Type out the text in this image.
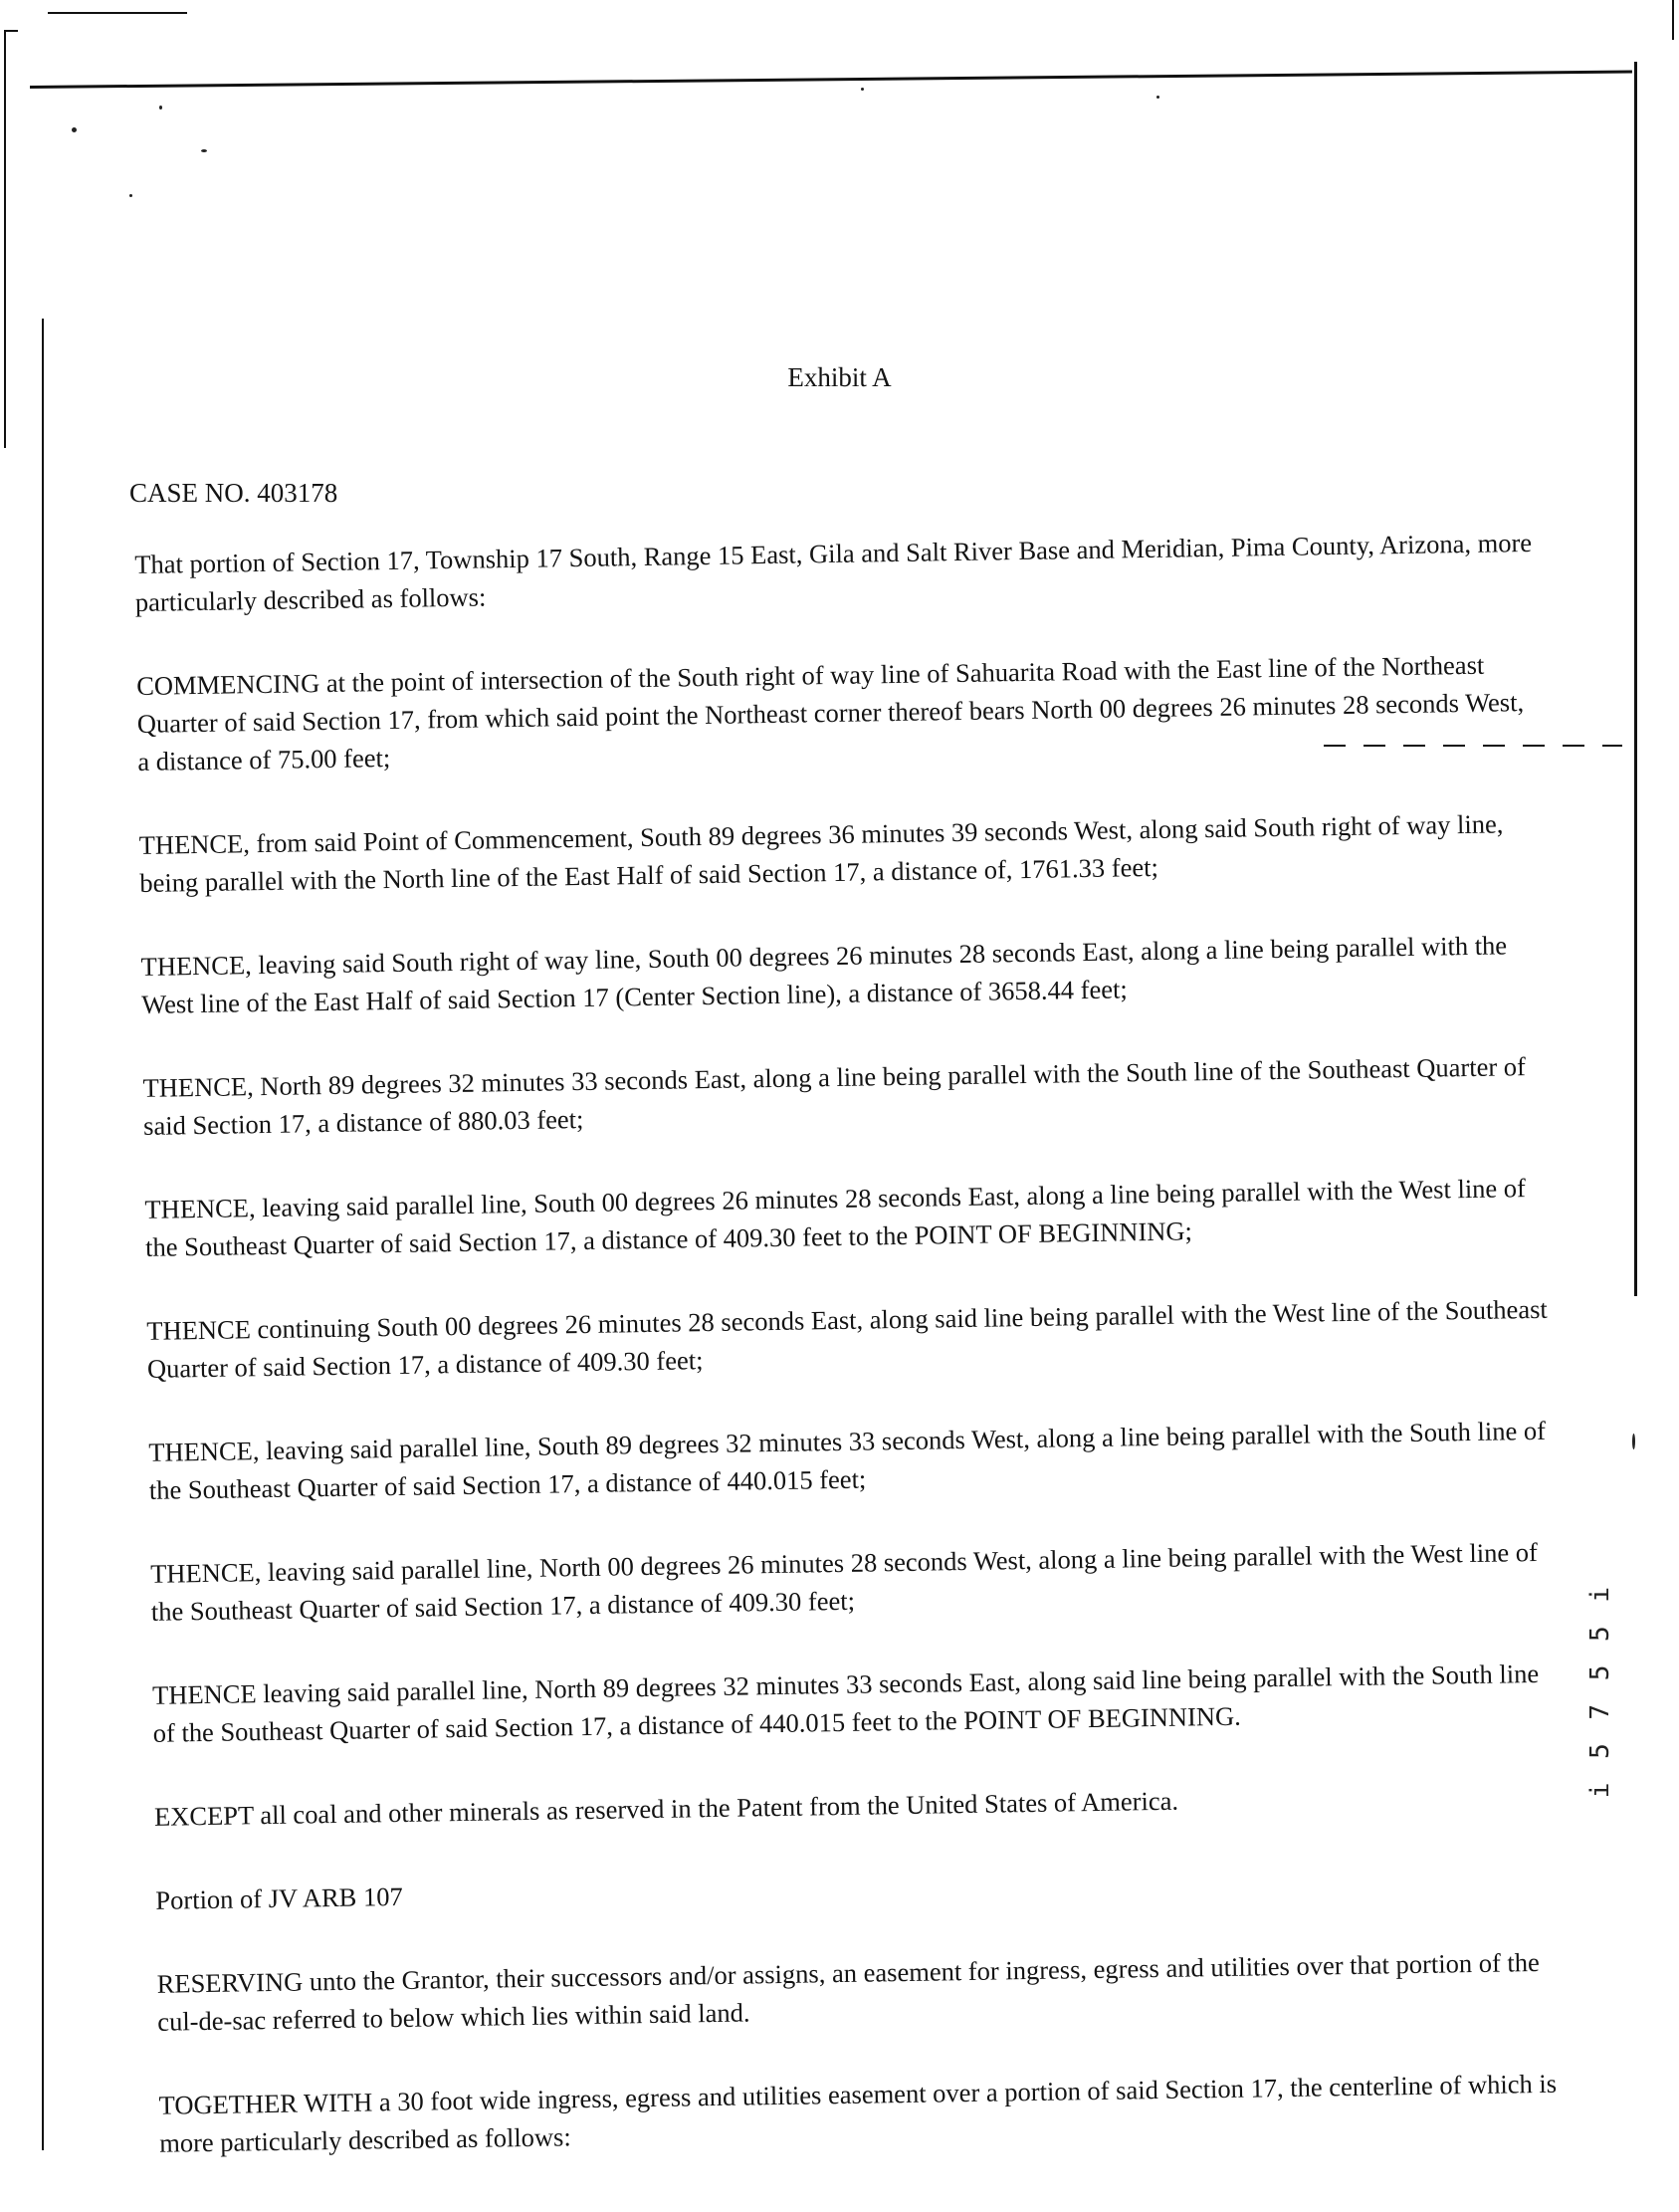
Exhibit A
CASE NO. 403178

That portion of Section 17, Township 17 South, Range 15 East, Gila and Salt River Base and Meridian, Pima County, Arizona, more particularly described as follows:

COMMENCING at the point of intersection of the South right of way line of Sahuarita Road with the East line of the Northeast Quarter of said Section 17, from which said point the Northeast corner thereof bears North 00 degrees 26 minutes 28 seconds West, a distance of 75.00 feet;

THENCE, from said Point of Commencement, South 89 degrees 36 minutes 39 seconds West, along said South right of way line, being parallel with the North line of the East Half of said Section 17, a distance of, 1761.33 feet;

THENCE, leaving said South right of way line, South 00 degrees 26 minutes 28 seconds East, along a line being parallel with the West line of the East Half of said Section 17 (Center Section line), a distance of 3658.44 feet;

THENCE, North 89 degrees 32 minutes 33 seconds East, along a line being parallel with the South line of the Southeast Quarter of said Section 17, a distance of 880.03 feet;

THENCE, leaving said parallel line, South 00 degrees 26 minutes 28 seconds East, along a line being parallel with the West line of the Southeast Quarter of said Section 17, a distance of 409.30 feet to the POINT OF BEGINNING;

THENCE continuing South 00 degrees 26 minutes 28 seconds East, along said line being parallel with the West line of the Southeast Quarter of said Section 17, a distance of 409.30 feet;

THENCE, leaving said parallel line, South 89 degrees 32 minutes 33 seconds West, along a line being parallel with the South line of the Southeast Quarter of said Section 17, a distance of 440.015 feet;

THENCE, leaving said parallel line, North 00 degrees 26 minutes 28 seconds West, along a line being parallel with the West line of the Southeast Quarter of said Section 17, a distance of 409.30 feet;

THENCE leaving said parallel line, North 89 degrees 32 minutes 33 seconds East, along said line being parallel with the South line of the Southeast Quarter of said Section 17, a distance of 440.015 feet to the POINT OF BEGINNING.

EXCEPT all coal and other minerals as reserved in the Patent from the United States of America.

Portion of JV ARB 107

RESERVING unto the Grantor, their successors and/or assigns, an easement for ingress, egress and utilities over that portion of the cul-de-sac referred to below which lies within said land.

TOGETHER WITH a 30 foot wide ingress, egress and utilities easement over a portion of said Section 17, the centerline of which is more particularly described as follows:

i 5 7 5 5 i
